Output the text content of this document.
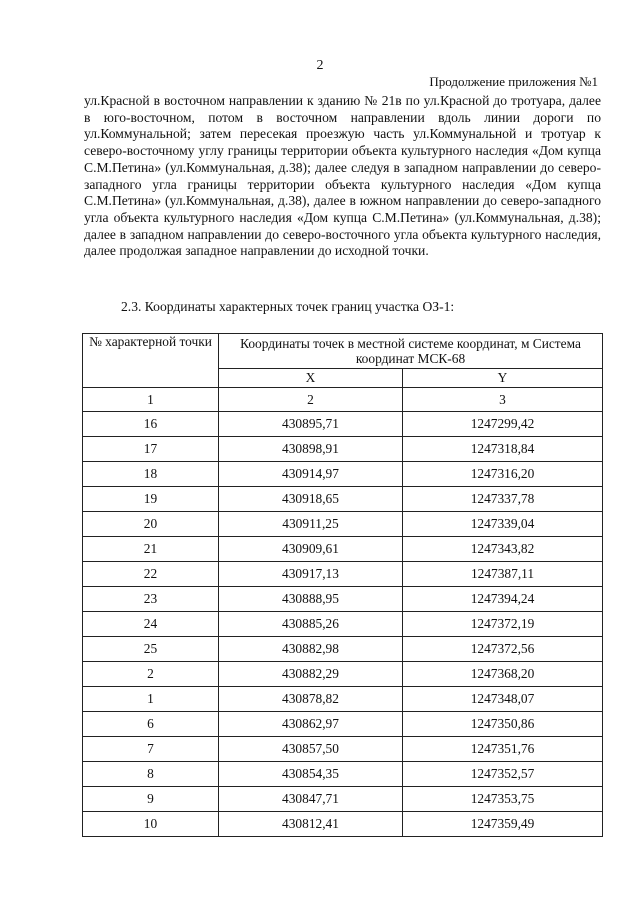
2
Продолжение приложения №1

ул.Красной в восточном направлении к зданию № 21в по ул.Красной до тротуара, далее в юго-восточном, потом в восточном направлении вдоль линии дороги по ул.Коммунальной; затем пересекая проезжую часть ул.Коммунальной и тротуар к северо-восточному углу границы территории объекта культурного наследия «Дом купца С.М.Петина» (ул.Коммунальная, д.38); далее следуя в западном направлении до северо-западного угла границы территории объекта культурного наследия «Дом купца С.М.Петина» (ул.Коммунальная, д.38), далее в южном направлении до северо-западного угла объекта культурного наследия «Дом купца С.М.Петина» (ул.Коммунальная, д.38); далее в западном направлении до северо-восточного угла объекта культурного наследия, далее продолжая западное направлении до исходной точки.

2.3. Координаты характерных точек границ участка ОЗ-1:

№ характерной точки	Координаты точек в местной системе координат, м Система координат МСК-68	
	X	Y
1	2	3
16	430895,71	1247299,42
17	430898,91	1247318,84
18	430914,97	1247316,20
19	430918,65	1247337,78
20	430911,25	1247339,04
21	430909,61	1247343,82
22	430917,13	1247387,11
23	430888,95	1247394,24
24	430885,26	1247372,19
25	430882,98	1247372,56
2	430882,29	1247368,20
1	430878,82	1247348,07
6	430862,97	1247350,86
7	430857,50	1247351,76
8	430854,35	1247352,57
9	430847,71	1247353,75
10	430812,41	1247359,49
